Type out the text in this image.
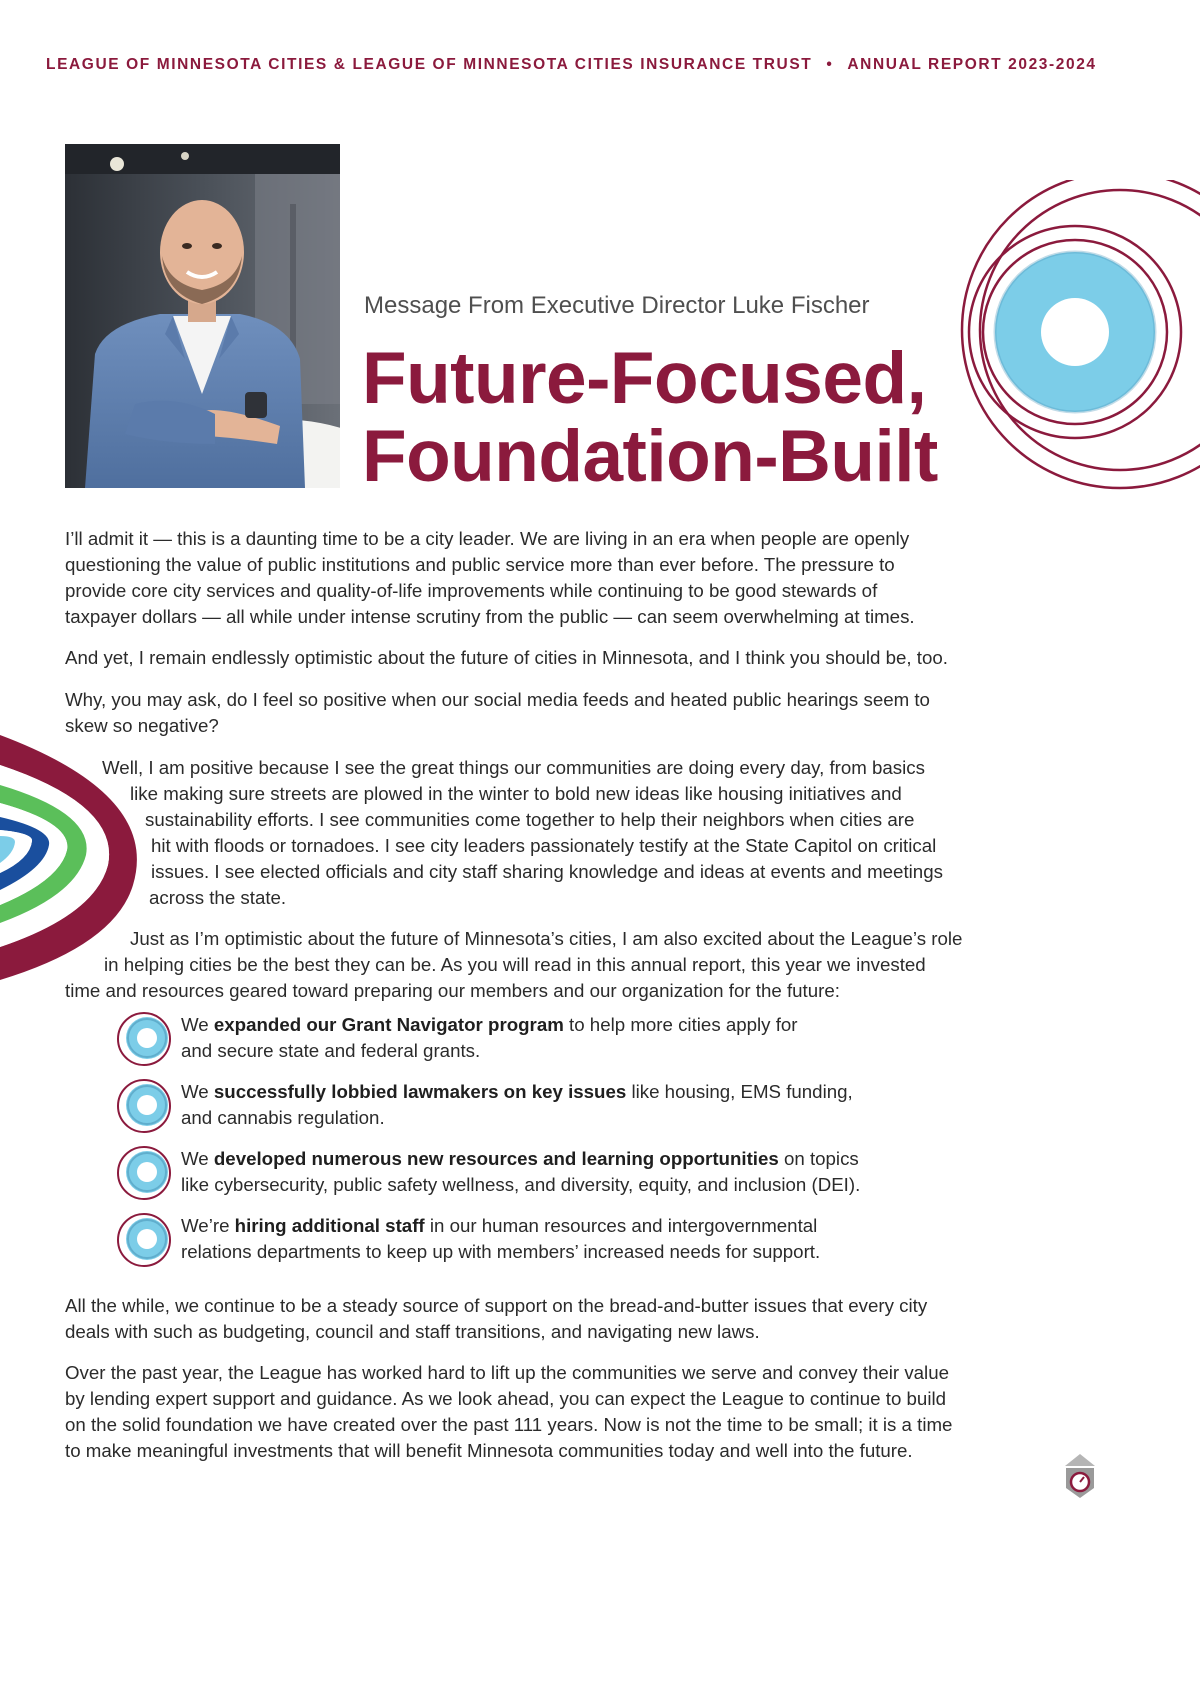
LEAGUE OF MINNESOTA CITIES & LEAGUE OF MINNESOTA CITIES INSURANCE TRUST • ANNUAL REPORT 2023-2024
Message From Executive Director Luke Fischer
Future-Focused,
Foundation-Built

I’ll admit it — this is a daunting time to be a city leader. We are living in an era when people are openly

questioning the value of public institutions and public service more than ever before. The pressure to

provide core city services and quality-of-life improvements while continuing to be good stewards of

taxpayer dollars — all while under intense scrutiny from the public — can seem overwhelming at times.

And yet, I remain endlessly optimistic about the future of cities in Minnesota, and I think you should be, too.

Why, you may ask, do I feel so positive when our social media feeds and heated public hearings seem to

skew so negative?

Well, I am positive because I see the great things our communities are doing every day, from basics

like making sure streets are plowed in the winter to bold new ideas like housing initiatives and

sustainability efforts. I see communities come together to help their neighbors when cities are

hit with floods or tornadoes. I see city leaders passionately testify at the State Capitol on critical

issues. I see elected officials and city staff sharing knowledge and ideas at events and meetings

across the state.

Just as I’m optimistic about the future of Minnesota’s cities, I am also excited about the League’s role

in helping cities be the best they can be. As you will read in this annual report, this year we invested

time and resources geared toward preparing our members and our organization for the future:

We expanded our Grant Navigator program to help more cities apply for
and secure state and federal grants.
We successfully lobbied lawmakers on key issues like housing, EMS funding,
and cannabis regulation.
We developed numerous new resources and learning opportunities on topics
like cybersecurity, public safety wellness, and diversity, equity, and inclusion (DEI).
We’re hiring additional staff in our human resources and intergovernmental
relations departments to keep up with members’ increased needs for support.

All the while, we continue to be a steady source of support on the bread-and-butter issues that every city

deals with such as budgeting, council and staff transitions, and navigating new laws.

Over the past year, the League has worked hard to lift up the communities we serve and convey their value

by lending expert support and guidance. As we look ahead, you can expect the League to continue to build

on the solid foundation we have created over the past 111 years. Now is not the time to be small; it is a time

to make meaningful investments that will benefit Minnesota communities today and well into the future.
